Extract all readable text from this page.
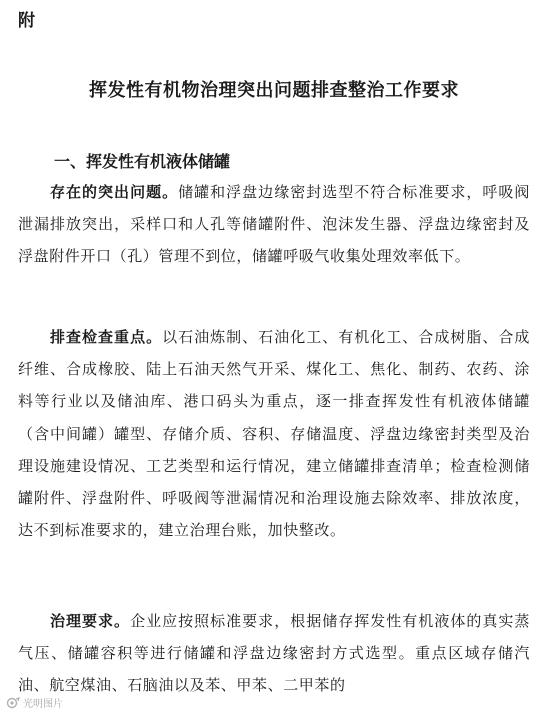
附
挥发性有机物治理突出问题排查整治工作要求
一、挥发性有机液体储罐

存在的突出问题。储罐和浮盘边缘密封选型不符合标准要求，呼吸阀泄漏排放突出，采样口和人孔等储罐附件、泡沫发生器、浮盘边缘密封及浮盘附件开口（孔）管理不到位，储罐呼吸气收集处理效率低下。

排查检查重点。以石油炼制、石油化工、有机化工、合成树脂、合成纤维、合成橡胶、陆上石油天然气开采、煤化工、焦化、制药、农药、涂料等行业以及储油库、港口码头为重点，逐一排查挥发性有机液体储罐（含中间罐）罐型、存储介质、容积、存储温度、浮盘边缘密封类型及治理设施建设情况、工艺类型和运行情况，建立储罐排查清单；检查检测储罐附件、浮盘附件、呼吸阀等泄漏情况和治理设施去除效率、排放浓度，达不到标准要求的，建立治理台账，加快整改。

治理要求。企业应按照标准要求，根据储存挥发性有机液体的真实蒸气压、储罐容积等进行储罐和浮盘边缘密封方式选型。重点区域存储汽油、航空煤油、石脑油以及苯、甲苯、二甲苯的

光明图片
